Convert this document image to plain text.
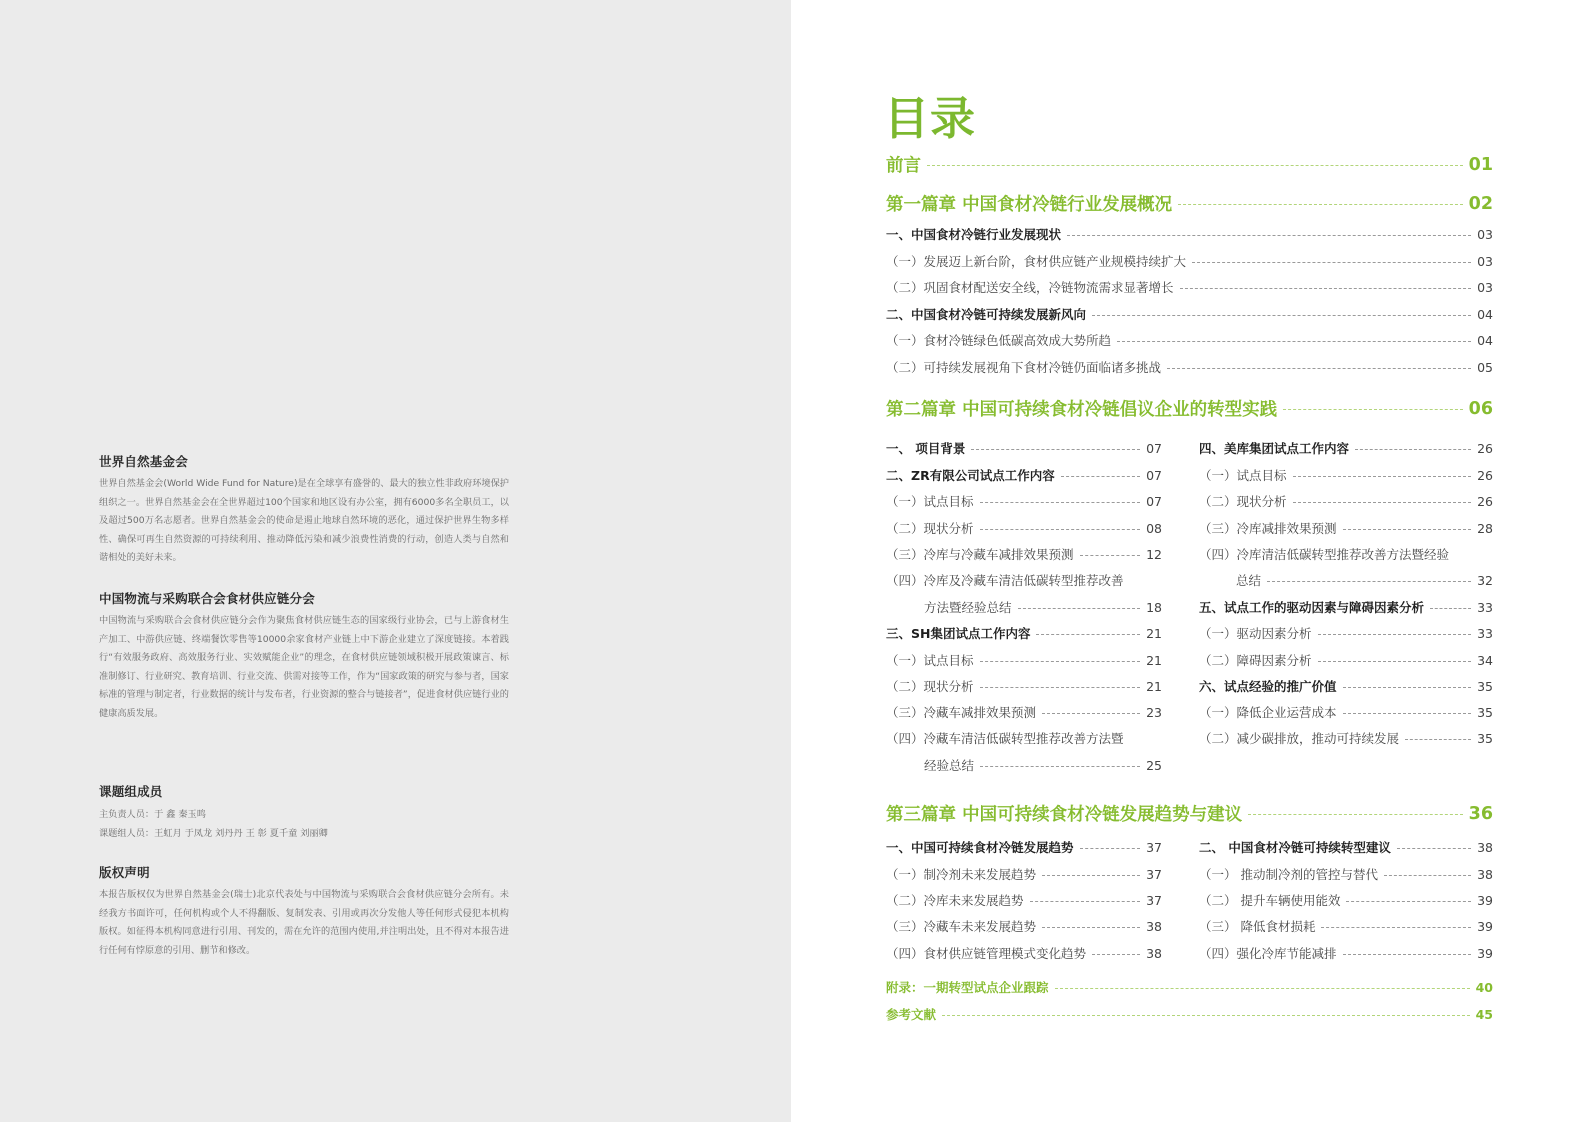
世界自然基金会
世界自然基金会(World Wide Fund for Nature)是在全球享有盛誉的、最大的独立性非政府环境保护组织之一。世界自然基金会在全世界超过100个国家和地区设有办公室，拥有6000多名全职员工，以及超过500万名志愿者。世界自然基金会的使命是遏止地球自然环境的恶化，通过保护世界生物多样性、确保可再生自然资源的可持续利用、推动降低污染和减少浪费性消费的行动，创造人类与自然和谐相处的美好未来。
中国物流与采购联合会食材供应链分会
中国物流与采购联合会食材供应链分会作为聚焦食材供应链生态的国家级行业协会，已与上游食材生产加工、中游供应链、终端餐饮零售等10000余家食材产业链上中下游企业建立了深度链接。本着践行“有效服务政府、高效服务行业、实效赋能企业”的理念，在食材供应链领域积极开展政策谏言、标准制修订、行业研究、教育培训、行业交流、供需对接等工作，作为“国家政策的研究与参与者，国家标准的管理与制定者，行业数据的统计与发布者，行业资源的整合与链接者”，促进食材供应链行业的健康高质发展。
课题组成员
主负责人员：于 鑫 秦玉鸣
课题组人员：王虹月 于凤龙 刘丹丹 王 彰 夏千童 刘丽卿
版权声明
本报告版权仅为世界自然基金会(瑞士)北京代表处与中国物流与采购联合会食材供应链分会所有。未经我方书面许可，任何机构或个人不得翻版、复制发表、引用或再次分发他人等任何形式侵犯本机构版权。如征得本机构同意进行引用、刊发的，需在允许的范围内使用,并注明出处，且不得对本报告进行任何有悖原意的引用、删节和修改。
目录
前言	01
第一篇章 中国食材冷链行业发展概况	02
一、中国食材冷链行业发展现状	03
（一）发展迈上新台阶，食材供应链产业规模持续扩大	03
（二）巩固食材配送安全线，冷链物流需求显著增长	03
二、中国食材冷链可持续发展新风向	04
（一）食材冷链绿色低碳高效成大势所趋	04
（二）可持续发展视角下食材冷链仍面临诸多挑战	05
第二篇章 中国可持续食材冷链倡议企业的转型实践	06
一、 项目背景	07
二、ZR有限公司试点工作内容	07
（一）试点目标	07
（二）现状分析	08
（三）冷库与冷藏车减排效果预测	12
（四）冷库及冷藏车清洁低碳转型推荐改善
方法暨经验总结	18
三、SH集团试点工作内容	21
（一）试点目标	21
（二）现状分析	21
（三）冷藏车减排效果预测	23
（四）冷藏车清洁低碳转型推荐改善方法暨
经验总结	25
四、美库集团试点工作内容	26
（一）试点目标	26
（二）现状分析	26
（三）冷库减排效果预测	28
（四）冷库清洁低碳转型推荐改善方法暨经验
总结	32
五、试点工作的驱动因素与障碍因素分析	33
（一）驱动因素分析	33
（二）障碍因素分析	34
六、试点经验的推广价值	35
（一）降低企业运营成本	35
（二）减少碳排放，推动可持续发展	35
第三篇章 中国可持续食材冷链发展趋势与建议	36
一、中国可持续食材冷链发展趋势	37
（一）制冷剂未来发展趋势	37
（二）冷库未来发展趋势	37
（三）冷藏车未来发展趋势	38
（四）食材供应链管理模式变化趋势	38
二、 中国食材冷链可持续转型建议	38
（一） 推动制冷剂的管控与替代	38
（二） 提升车辆使用能效	39
（三） 降低食材损耗	39
（四）强化冷库节能减排	39
附录：一期转型试点企业跟踪	40
参考文献	45
